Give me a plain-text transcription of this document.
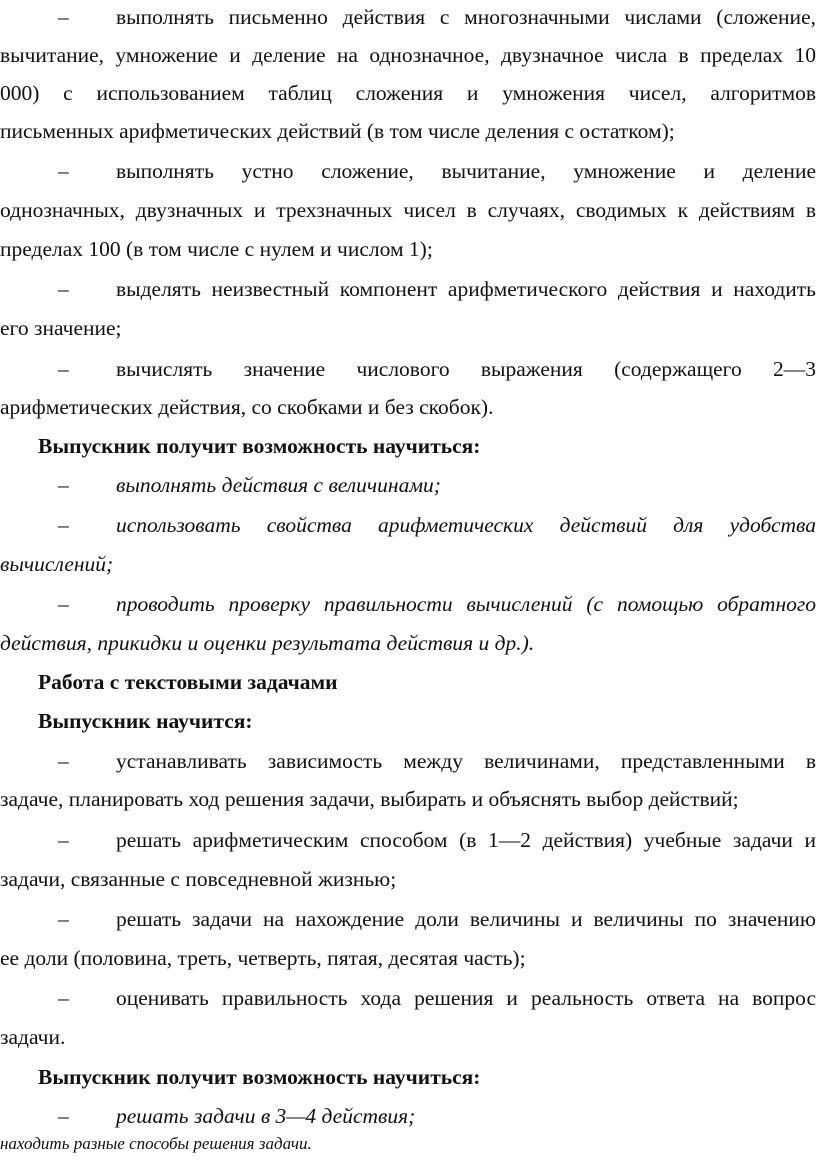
–	выполнять письменно действия с многозначными числами (сложение,
вычитание, умножение и деление на однозначное, двузначное числа в пределах 10
000) с использованием таблиц сложения и умножения чисел, алгоритмов
письменных арифметических действий (в том числе деления с остатком);
–	выполнять устно сложение, вычитание, умножение и деление
однозначных, двузначных и трехзначных чисел в случаях, сводимых к действиям в
пределах 100 (в том числе с нулем и числом 1);
–	выделять неизвестный компонент арифметического действия и находить
его значение;
–	вычислять значение числового выражения (содержащего 2—3
арифметических действия, со скобками и без скобок).
Выпускник получит возможность научиться:
–	выполнять действия с величинами;
–	использовать свойства арифметических действий для удобства
вычислений;
–	проводить проверку правильности вычислений (с помощью обратного
действия, прикидки и оценки результата действия и др.).
Работа с текстовыми задачами
Выпускник научится:
–	устанавливать зависимость между величинами, представленными в
задаче, планировать ход решения задачи, выбирать и объяснять выбор действий;
–	решать арифметическим способом (в 1—2 действия) учебные задачи и
задачи, связанные с повседневной жизнью;
–	решать задачи на нахождение доли величины и величины по значению
ее доли (половина, треть, четверть, пятая, десятая часть);
–	оценивать правильность хода решения и реальность ответа на вопрос
задачи.
Выпускник получит возможность научиться:
–	решать задачи в 3—4 действия;
находить разные способы решения задачи.
